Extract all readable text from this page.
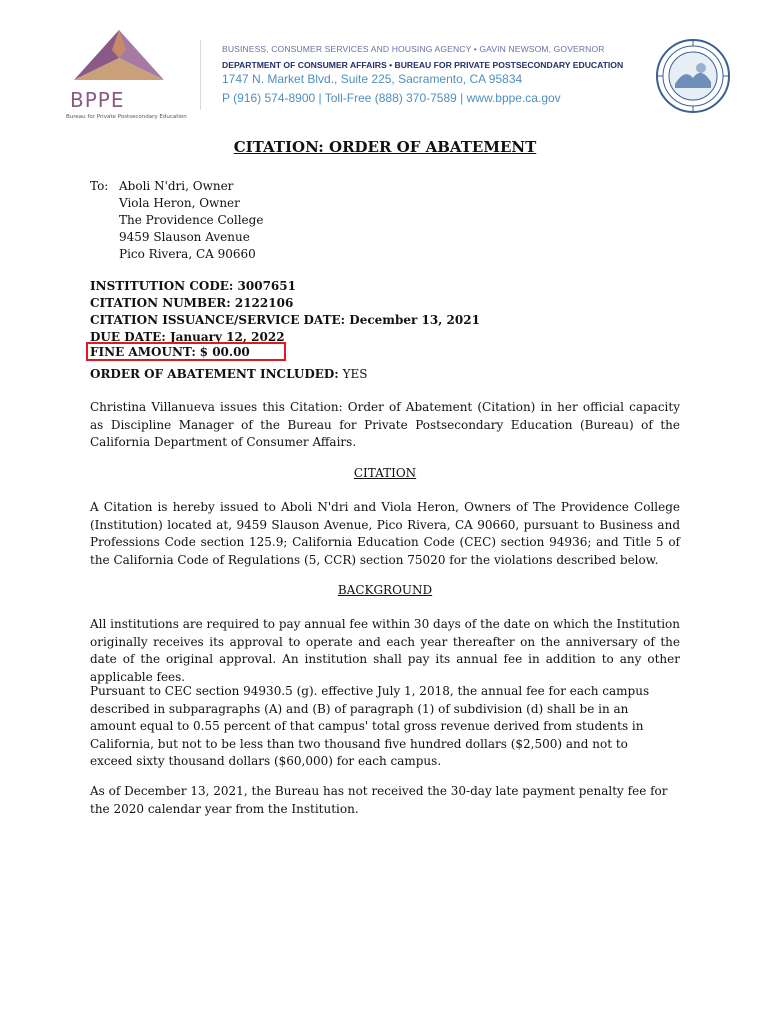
BPPE
Bureau for Private Postsecondary Education
BUSINESS, CONSUMER SERVICES AND HOUSING AGENCY • GAVIN NEWSOM, GOVERNOR
DEPARTMENT OF CONSUMER AFFAIRS • BUREAU FOR PRIVATE POSTSECONDARY EDUCATION
1747 N. Market Blvd., Suite 225, Sacramento, CA 95834
P (916) 574-8900 | Toll-Free (888) 370-7589 | www.bppe.ca.gov
CITATION: ORDER OF ABATEMENT
To: Aboli N'dri, Owner
Viola Heron, Owner
The Providence College
9459 Slauson Avenue
Pico Rivera, CA 90660
INSTITUTION CODE: 3007651
CITATION NUMBER: 2122106
CITATION ISSUANCE/SERVICE DATE: December 13, 2021
DUE DATE: January 12, 2022
FINE AMOUNT: $ 00.00
ORDER OF ABATEMENT INCLUDED: YES
Christina Villanueva issues this Citation: Order of Abatement (Citation) in her official capacity as Discipline Manager of the Bureau for Private Postsecondary Education (Bureau) of the California Department of Consumer Affairs.
CITATION
A Citation is hereby issued to Aboli N'dri and Viola Heron, Owners of The Providence College (Institution) located at, 9459 Slauson Avenue, Pico Rivera, CA 90660, pursuant to Business and Professions Code section 125.9; California Education Code (CEC) section 94936; and Title 5 of the California Code of Regulations (5, CCR) section 75020 for the violations described below.
BACKGROUND
All institutions are required to pay annual fee within 30 days of the date on which the Institution originally receives its approval to operate and each year thereafter on the anniversary of the date of the original approval. An institution shall pay its annual fee in addition to any other applicable fees.
Pursuant to CEC section 94930.5 (g). effective July 1, 2018, the annual fee for each campus described in subparagraphs (A) and (B) of paragraph (1) of subdivision (d) shall be in an amount equal to 0.55 percent of that campus' total gross revenue derived from students in California, but not to be less than two thousand five hundred dollars ($2,500) and not to exceed sixty thousand dollars ($60,000) for each campus.
As of December 13, 2021, the Bureau has not received the 30-day late payment penalty fee for the 2020 calendar year from the Institution.
